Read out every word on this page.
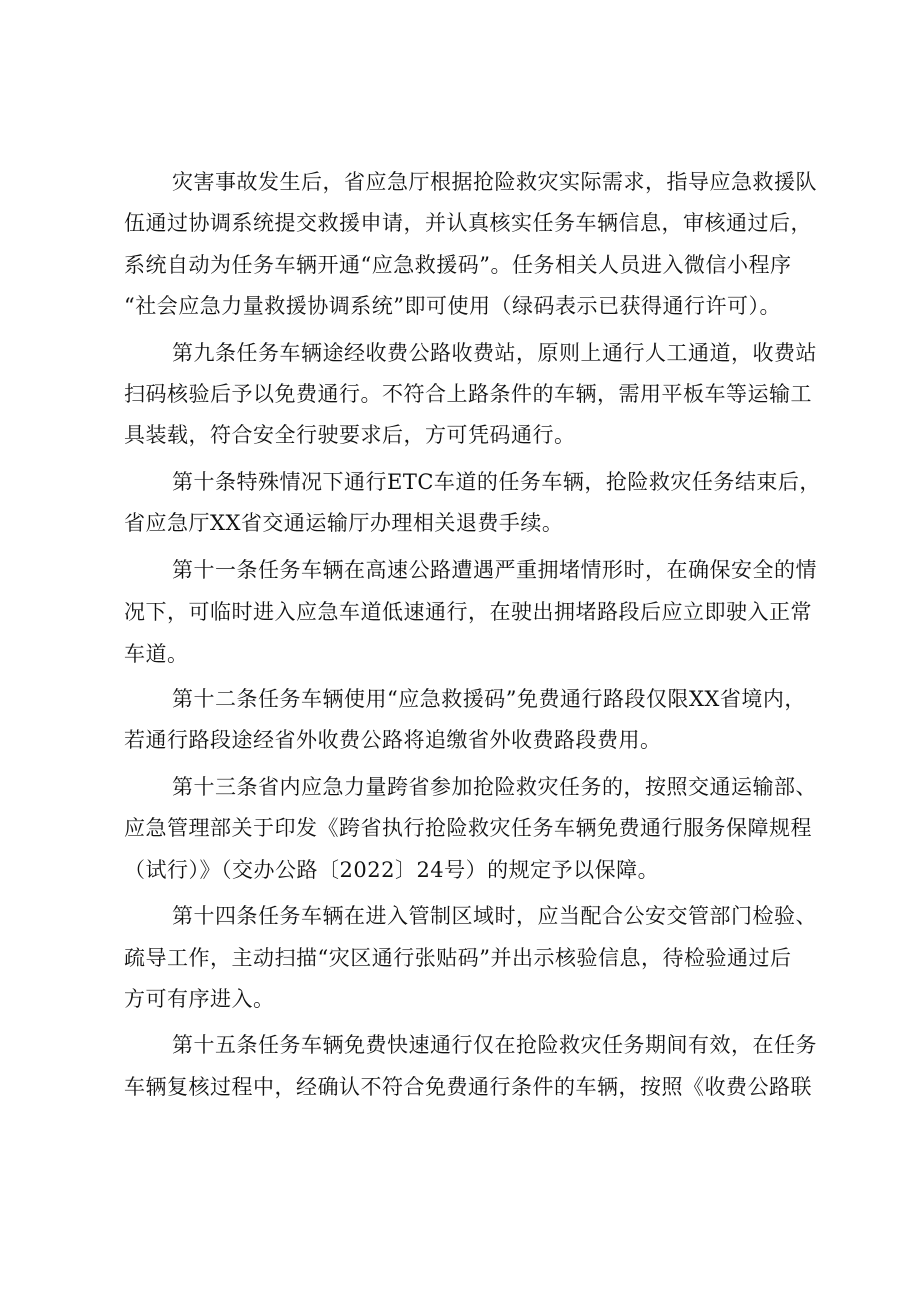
灾害事故发生后，省应急厅根据抢险救灾实际需求，指导应急救援队
伍通过协调系统提交救援申请，并认真核实任务车辆信息，审核通过后，
系统自动为任务车辆开通“应急救援码”。任务相关人员进入微信小程序
“社会应急力量救援协调系统”即可使用（绿码表示已获得通行许可）。
第九条任务车辆途经收费公路收费站，原则上通行人工通道，收费站
扫码核验后予以免费通行。不符合上路条件的车辆，需用平板车等运输工
具装载，符合安全行驶要求后，方可凭码通行。
第十条特殊情况下通行ETC车道的任务车辆，抢险救灾任务结束后，
省应急厅XX省交通运输厅办理相关退费手续。
第十一条任务车辆在高速公路遭遇严重拥堵情形时，在确保安全的情
况下，可临时进入应急车道低速通行，在驶出拥堵路段后应立即驶入正常
车道。
第十二条任务车辆使用“应急救援码”免费通行路段仅限XX省境内，
若通行路段途经省外收费公路将追缴省外收费路段费用。
第十三条省内应急力量跨省参加抢险救灾任务的，按照交通运输部、
应急管理部关于印发《跨省执行抢险救灾任务车辆免费通行服务保障规程
（试行）》（交办公路〔2022〕24号）的规定予以保障。
第十四条任务车辆在进入管制区域时，应当配合公安交管部门检验、
疏导工作，主动扫描“灾区通行张贴码”并出示核验信息，待检验通过后
方可有序进入。
第十五条任务车辆免费快速通行仅在抢险救灾任务期间有效，在任务
车辆复核过程中，经确认不符合免费通行条件的车辆，按照《收费公路联
